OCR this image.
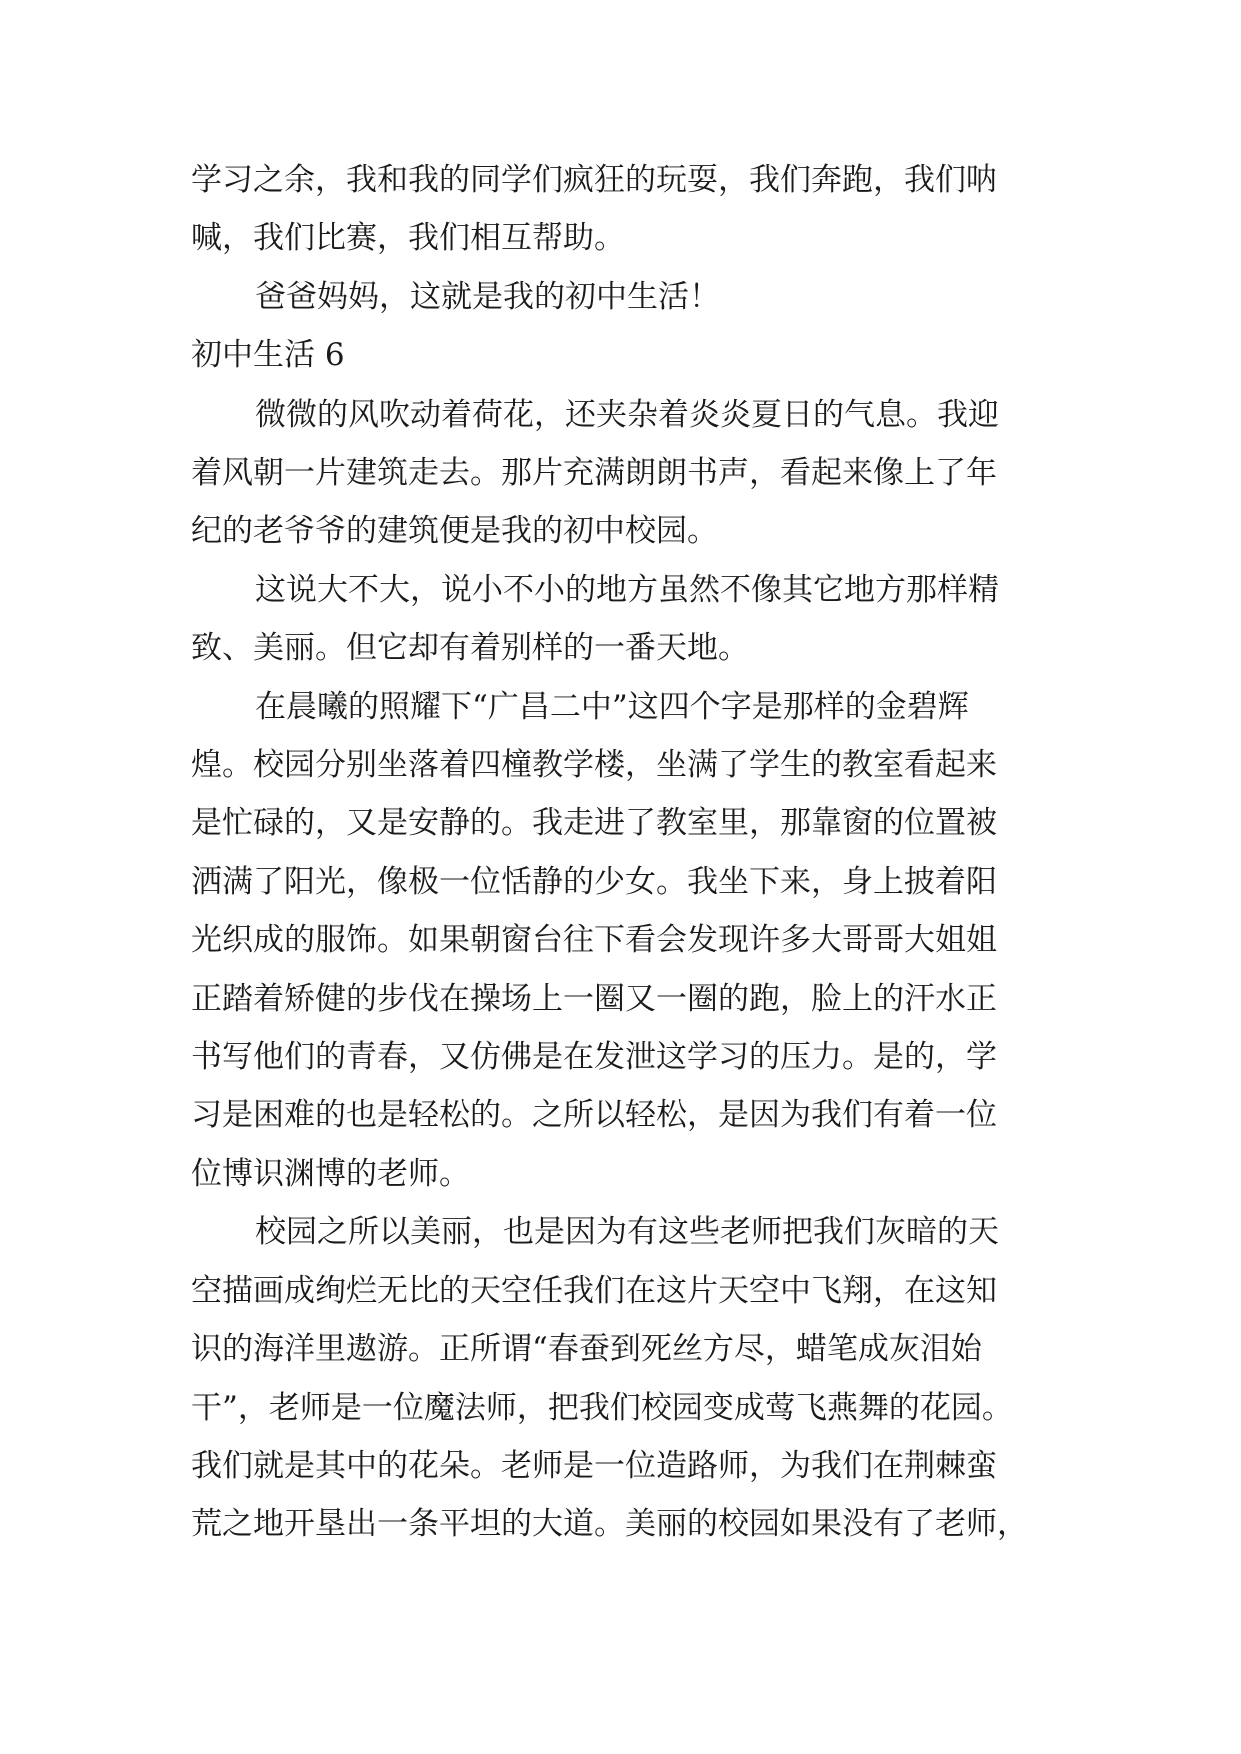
学习之余，我和我的同学们疯狂的玩耍，我们奔跑，我们呐
喊，我们比赛，我们相互帮助。
爸爸妈妈，这就是我的初中生活！
初中生活 6
微微的风吹动着荷花，还夹杂着炎炎夏日的气息。我迎
着风朝一片建筑走去。那片充满朗朗书声，看起来像上了年
纪的老爷爷的建筑便是我的初中校园。
这说大不大，说小不小的地方虽然不像其它地方那样精
致、美丽。但它却有着别样的一番天地。
在晨曦的照耀下“广昌二中”这四个字是那样的金碧辉
煌。校园分别坐落着四橦教学楼，坐满了学生的教室看起来
是忙碌的，又是安静的。我走进了教室里，那靠窗的位置被
洒满了阳光，像极一位恬静的少女。我坐下来，身上披着阳
光织成的服饰。如果朝窗台往下看会发现许多大哥哥大姐姐
正踏着矫健的步伐在操场上一圈又一圈的跑，脸上的汗水正
书写他们的青春，又仿佛是在发泄这学习的压力。是的，学
习是困难的也是轻松的。之所以轻松，是因为我们有着一位
位博识渊博的老师。
校园之所以美丽，也是因为有这些老师把我们灰暗的天
空描画成绚烂无比的天空任我们在这片天空中飞翔，在这知
识的海洋里遨游。正所谓“春蚕到死丝方尽，蜡笔成灰泪始
干”，老师是一位魔法师，把我们校园变成莺飞燕舞的花园。
我们就是其中的花朵。老师是一位造路师，为我们在荆棘蛮
荒之地开垦出一条平坦的大道。美丽的校园如果没有了老师，
